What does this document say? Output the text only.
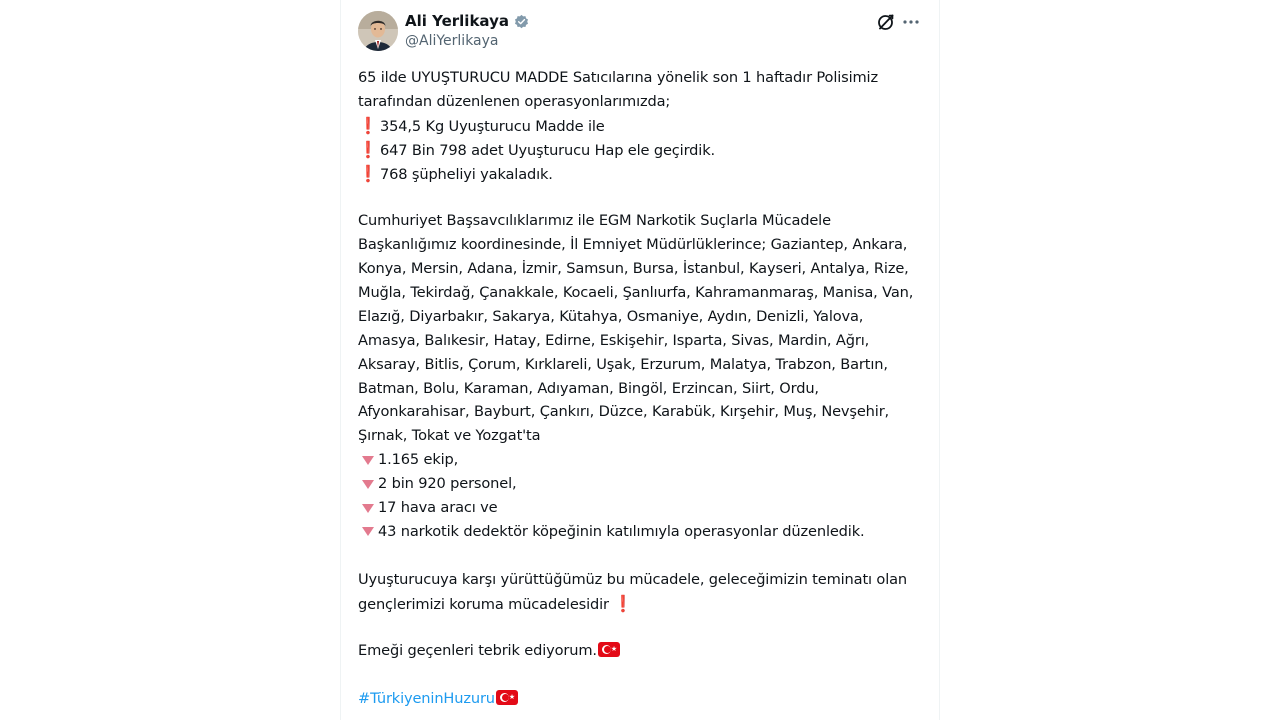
Ali Yerlikaya
@AliYerlikaya
65 ilde UYUŞTURUCU MADDE Satıcılarına yönelik son 1 haftadır Polisimiz
tarafından düzenlenen operasyonlarımızda;
❗ 354,5 Kg Uyuşturucu Madde ile
❗ 647 Bin 798 adet Uyuşturucu Hap ele geçirdik.
❗ 768 şüpheliyi yakaladık.
Cumhuriyet Başsavcılıklarımız ile EGM Narkotik Suçlarla Mücadele
Başkanlığımız koordinesinde, İl Emniyet Müdürlüklerince; Gaziantep, Ankara,
Konya, Mersin, Adana, İzmir, Samsun, Bursa, İstanbul, Kayseri, Antalya, Rize,
Muğla, Tekirdağ, Çanakkale, Kocaeli, Şanlıurfa, Kahramanmaraş, Manisa, Van,
Elazığ, Diyarbakır, Sakarya, Kütahya, Osmaniye, Aydın, Denizli, Yalova,
Amasya, Balıkesir, Hatay, Edirne, Eskişehir, Isparta, Sivas, Mardin, Ağrı,
Aksaray, Bitlis, Çorum, Kırklareli, Uşak, Erzurum, Malatya, Trabzon, Bartın,
Batman, Bolu, Karaman, Adıyaman, Bingöl, Erzincan, Siirt, Ordu,
Afyonkarahisar, Bayburt, Çankırı, Düzce, Karabük, Kırşehir, Muş, Nevşehir,
Şırnak, Tokat ve Yozgat'ta
1.165 ekip,
2 bin 920 personel,
17 hava aracı ve
43 narkotik dedektör köpeğinin katılımıyla operasyonlar düzenledik.
Uyuşturucuya karşı yürüttüğümüz bu mücadele, geleceğimizin teminatı olan
gençlerimizi koruma mücadelesidir ❗
Emeği geçenleri tebrik ediyorum. ★
#TürkiyeninHuzuru ★
